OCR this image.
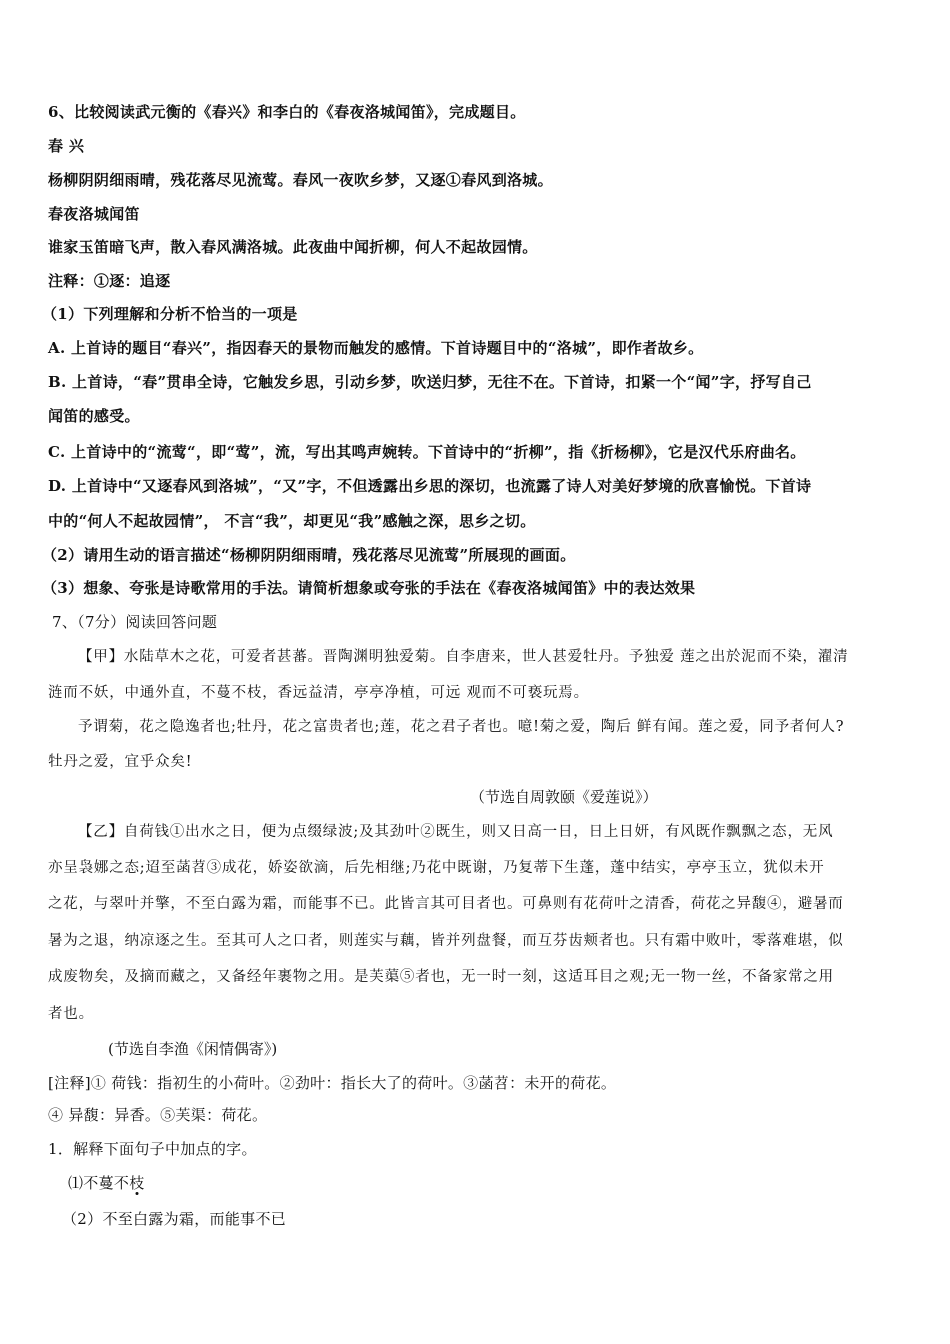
6、比较阅读武元衡的《春兴》和李白的《春夜洛城闻笛》，完成题目。
春 兴
杨柳阴阴细雨晴，残花落尽见流莺。春风一夜吹乡梦，又逐①春风到洛城。
春夜洛城闻笛
谁家玉笛暗飞声，散入春风满洛城。此夜曲中闻折柳，何人不起故园情。
注释：①逐：追逐
（1）下列理解和分析不恰当的一项是
A. 上首诗的题目“春兴”，指因春天的景物而触发的感情。下首诗题目中的“洛城”，即作者故乡。
B. 上首诗，“春”贯串全诗，它触发乡思，引动乡梦，吹送归梦，无往不在。下首诗，扣紧一个“闻”字，抒写自己
闻笛的感受。
C. 上首诗中的“流莺“，即“莺”，流，写出其鸣声婉转。下首诗中的“折柳”，指《折杨柳》，它是汉代乐府曲名。
D. 上首诗中“又逐春风到洛城”，“又”字，不但透露出乡思的深切，也流露了诗人对美好梦境的欣喜愉悦。下首诗
中的“何人不起故园情”， 不言“我”，却更见“我”感触之深，思乡之切。
（2）请用生动的语言描述“杨柳阴阴细雨晴，残花落尽见流莺”所展现的画面。
（3）想象、夸张是诗歌常用的手法。请简析想象或夸张的手法在《春夜洛城闻笛》中的表达效果
7、（7分）阅读回答问题
【甲】水陆草木之花，可爱者甚蕃。晋陶渊明独爱菊。自李唐来，世人甚爱牡丹。予独爱 莲之出於泥而不染，濯清
涟而不妖，中通外直，不蔓不枝，香远益清，亭亭净植，可远 观而不可亵玩焉。
予谓菊，花之隐逸者也;牡丹，花之富贵者也;莲，花之君子者也。噫!菊之爱，陶后 鲜有闻。莲之爱，同予者何人?
牡丹之爱，宜乎众矣!
（节选自周敦颐《爱莲说》）
【乙】自荷钱①出水之日，便为点缀绿波;及其劲叶②既生，则又日高一日，日上日妍，有风既作飘飘之态，无风
亦呈袅娜之态;迢至菡苕③成花，娇姿欲滴，后先相继;乃花中既谢，乃复蒂下生蓬，蓬中结实，亭亭玉立，犹似未开
之花，与翠叶并擎，不至白露为霜，而能事不已。此皆言其可目者也。可鼻则有花荷叶之清香，荷花之异馥④，避暑而
暑为之退，纳凉逐之生。至其可人之口者，则莲实与藕，皆并列盘餐，而互芬齿颊者也。只有霜中败叶，零落难堪，似
成废物矣，及摘而藏之，又备经年裹物之用。是芙蕖⑤者也，无一时一刻，这适耳目之观;无一物一丝，不备家常之用
者也。
(节选自李渔《闲情偶寄》)
[注释]① 荷钱：指初生的小荷叶。②劲叶：指长大了的荷叶。③菡苕：未开的荷花。
④ 异馥：异香。⑤芙渠：荷花。
1．解释下面句子中加点的字。
⑴不蔓不枝
（2）不至白露为霜，而能事不已
